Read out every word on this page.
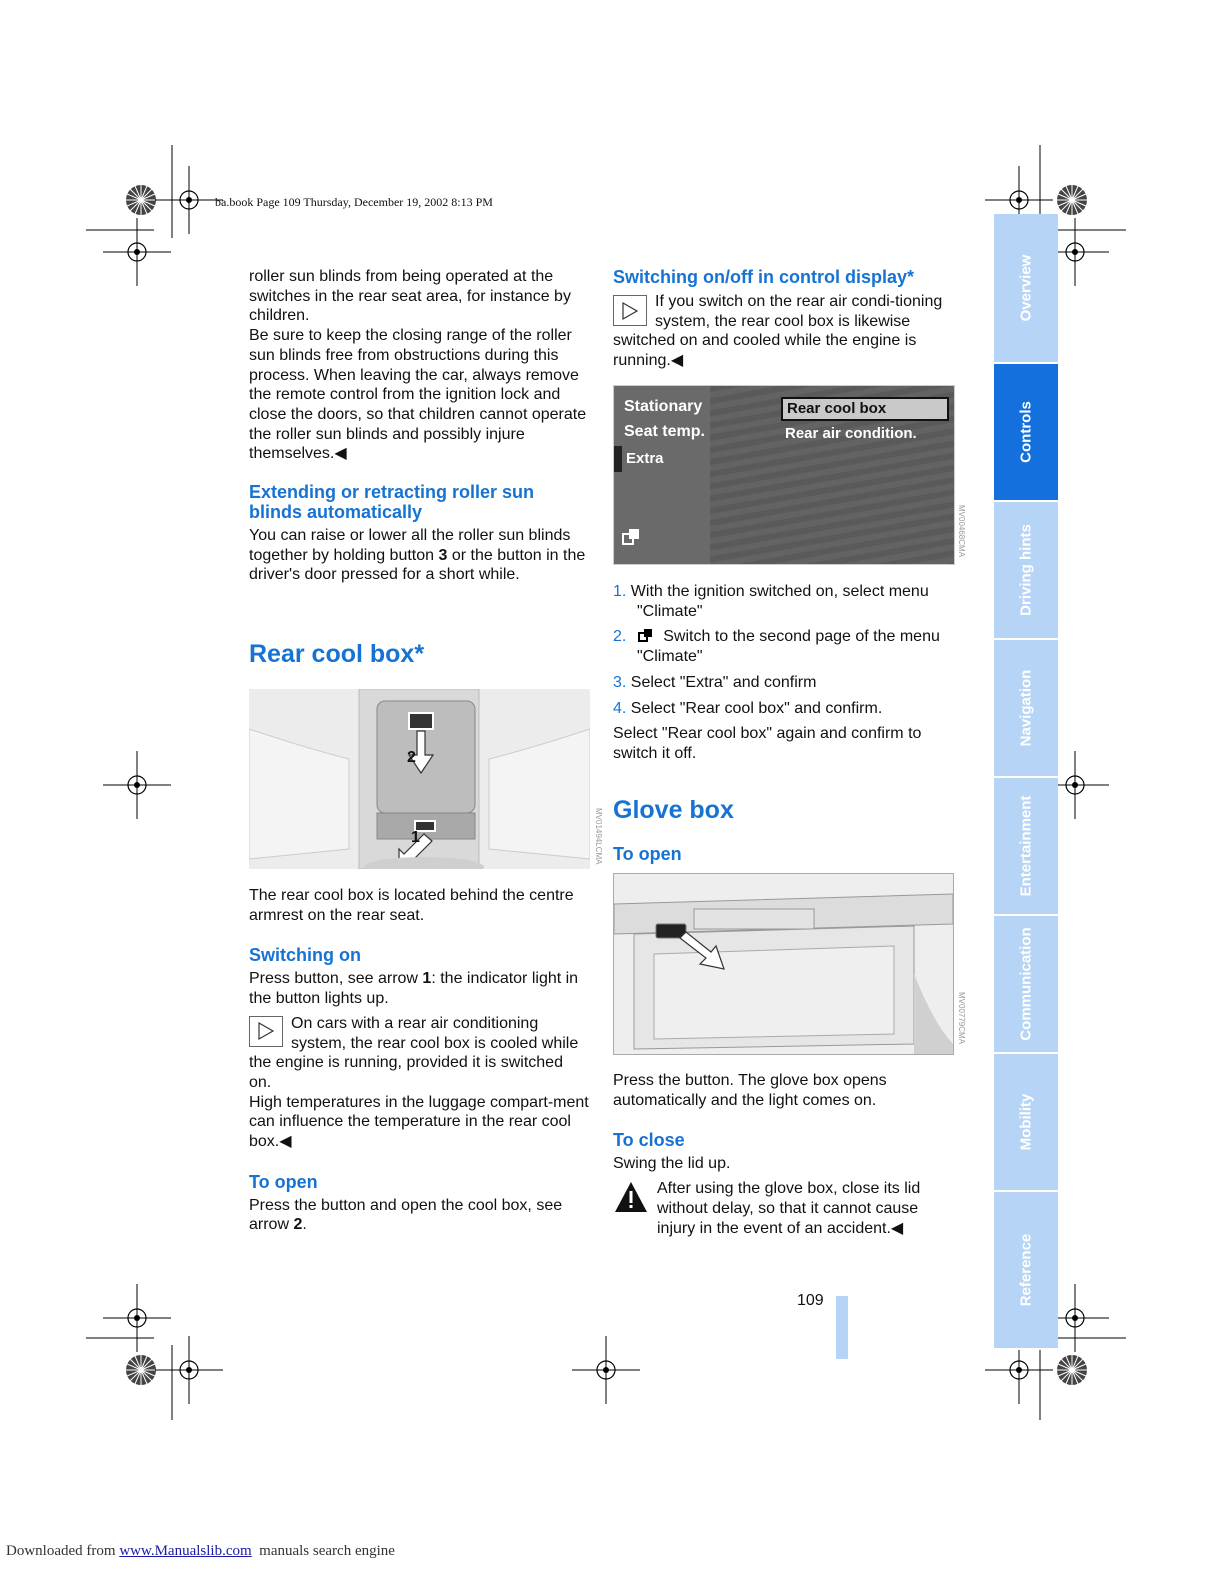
ba.book Page 109 Thursday, December 19, 2002 8:13 PM
roller sun blinds from being operated at the switches in the rear seat area, for instance by children.
Be sure to keep the closing range of the roller sun blinds free from obstructions during this process. When leaving the car, always remove the remote control from the ignition lock and close the doors, so that children cannot operate the roller sun blinds and possibly injure themselves.◀
Extending or retracting roller sun blinds automatically
You can raise or lower all the roller sun blinds together by holding button 3 or the button in the driver's door pressed for a short while.
Rear cool box*
2
1	MV01494LCMA
The rear cool box is located behind the centre armrest on the rear seat.
Switching on
Press button, see arrow 1: the indicator light in the button lights up.
On cars with a rear air conditioning system, the rear cool box is cooled while the engine is running, provided it is switched on.
High temperatures in the luggage compart-ment can influence the temperature in the rear cool box.◀
To open
Press the button and open the cool box, see arrow 2.
Switching on/off in control display*
If you switch on the rear air condi-tioning system, the rear cool box is likewise switched on and cooled while the engine is running.◀
Stationary
Seat temp.
Extra
Rear cool box
Rear air condition.
MV00468CMA
1. With the ignition switched on, select menu "Climate"
2. Switch to the second page of the menu "Climate"
3. Select "Extra" and confirm
4. Select "Rear cool box" and confirm.
Select "Rear cool box" again and confirm to switch it off.
Glove box
To open
MV00779CMA
Press the button. The glove box opens automatically and the light comes on.
To close
Swing the lid up.
After using the glove box, close its lid without delay, so that it cannot cause injury in the event of an accident.◀
109
Overview
Controls
Driving hints
Navigation
Entertainment
Communication
Mobility
Reference
Downloaded from www.Manualslib.com  manuals search engine
